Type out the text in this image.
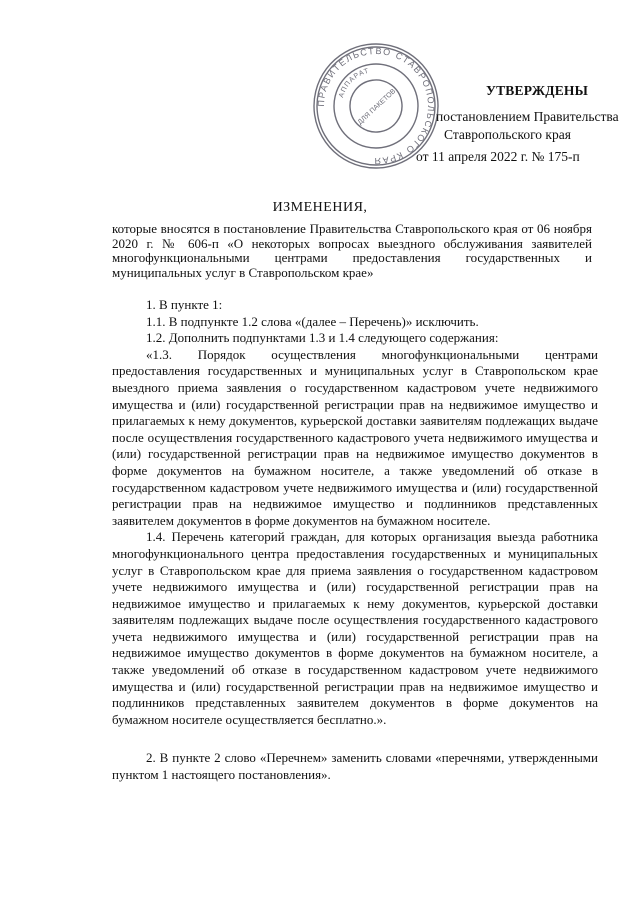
ПРАВИТЕЛЬСТВО СТАВРОПОЛЬСКОГО КРАЯ
АППАРАТ
ДЛЯ ПАКЕТОВ	УТВЕРЖДЕНЫ
постановлением Правительства
Ставропольского края
от 11 апреля 2022 г. № 175-п
ИЗМЕНЕНИЯ,
которые вносятся в постановление Правительства Ставропольского края от 06 ноября 2020 г. № 606-п «О некоторых вопросах выездного обслуживания заявителей многофункциональными центрами предоставления государственных и муниципальных услуг в Ставропольском крае»

1. В пункте 1:

1.1. В подпункте 1.2 слова «(далее – Перечень)» исключить.

1.2. Дополнить подпунктами 1.3 и 1.4 следующего содержания:

«1.3. Порядок осуществления многофункциональными центрами предоставления государственных и муниципальных услуг в Ставропольском крае выездного приема заявления о государственном кадастровом учете недвижимого имущества и (или) государственной регистрации прав на недвижимое имущество и прилагаемых к нему документов, курьерской доставки заявителям подлежащих выдаче после осуществления государственного кадастрового учета недвижимого имущества и (или) государственной регистрации прав на недвижимое имущество документов в форме документов на бумажном носителе, а также уведомлений об отказе в государственном кадастровом учете недвижимого имущества и (или) государственной регистрации прав на недвижимое имущество и подлинников представленных заявителем документов в форме документов на бумажном носителе.

1.4. Перечень категорий граждан, для которых организация выезда работника многофункционального центра предоставления государственных и муниципальных услуг в Ставропольском крае для приема заявления о государственном кадастровом учете недвижимого имущества и (или) государственной регистрации прав на недвижимое имущество и прилагаемых к нему документов, курьерской доставки заявителям подлежащих выдаче после осуществления государственного кадастрового учета недвижимого имущества и (или) государственной регистрации прав на недвижимое имущество документов в форме документов на бумажном носителе, а также уведомлений об отказе в государственном кадастровом учете недвижимого имущества и (или) государственной регистрации прав на недвижимое имущество и подлинников представленных заявителем документов в форме документов на бумажном носителе осуществляется бесплатно.».

2. В пункте 2 слово «Перечнем» заменить словами «перечнями, утвержденными пунктом 1 настоящего постановления».
